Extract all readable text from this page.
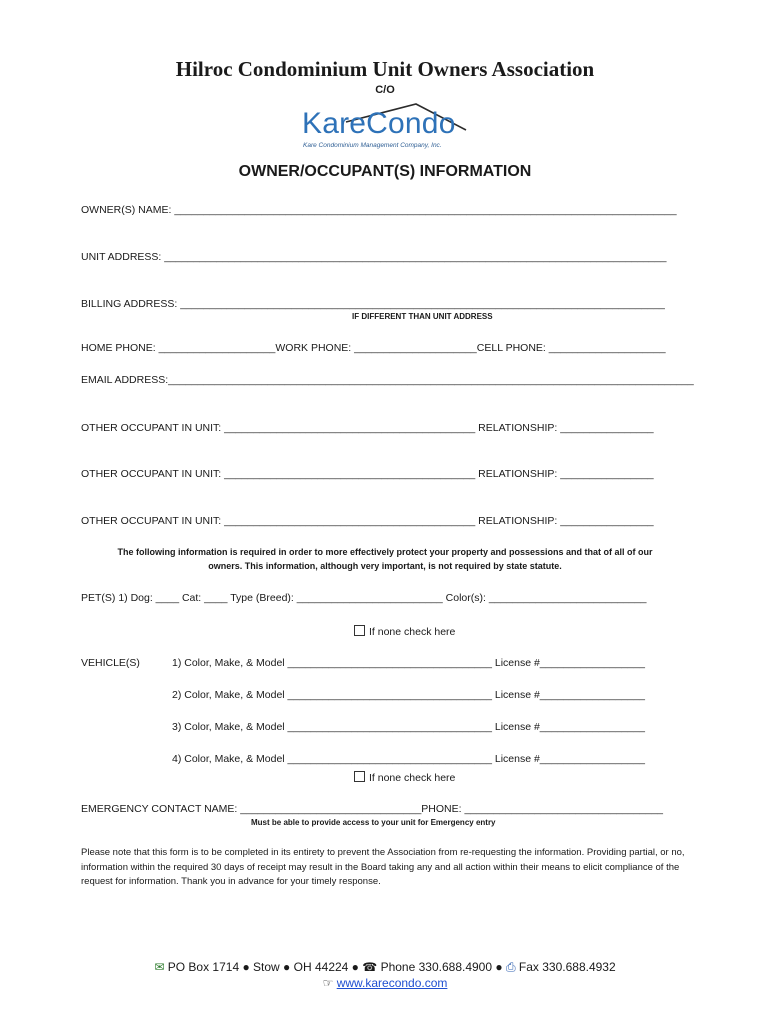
Hilroc Condominium Unit Owners Association
C/O
KareCondo
Kare Condominium Management Company, Inc.
OWNER/OCCUPANT(S) INFORMATION
OWNER(S) NAME: ______________________________________________________________________________________
UNIT ADDRESS: ______________________________________________________________________________________
BILLING ADDRESS: ___________________________________________________________________________________
IF DIFFERENT THAN UNIT ADDRESS
HOME PHONE: ____________________WORK PHONE: _____________________CELL PHONE: ____________________
EMAIL ADDRESS:__________________________________________________________________________________________
OTHER OCCUPANT IN UNIT: ___________________________________________ RELATIONSHIP: ________________
OTHER OCCUPANT IN UNIT: ___________________________________________ RELATIONSHIP: ________________
OTHER OCCUPANT IN UNIT: ___________________________________________ RELATIONSHIP: ________________
The following information is required in order to more effectively protect your property and possessions and that of all of our
owners. This information, although very important, is not required by state statute.
PET(S) 1) Dog: ____ Cat: ____ Type (Breed): _________________________ Color(s): ___________________________
If none check here
VEHICLE(S)	1) Color, Make, & Model ___________________________________ License #__________________
2) Color, Make, & Model ___________________________________ License #__________________
3) Color, Make, & Model ___________________________________ License #__________________
4) Color, Make, & Model ___________________________________ License #__________________
If none check here
EMERGENCY CONTACT NAME: _______________________________PHONE: __________________________________
Must be able to provide access to your unit for Emergency entry
Please note that this form is to be completed in its entirety to prevent the Association from re-requesting the information. Providing partial, or no, information within the required 30 days of receipt may result in the Board taking any and all action within their means to elicit compliance of the request for information. Thank you in advance for your timely response.
✉ PO Box 1714 ● Stow ● OH 44224 ● ☎ Phone 330.688.4900 ● ⎙ Fax 330.688.4932
☞ www.karecondo.com
